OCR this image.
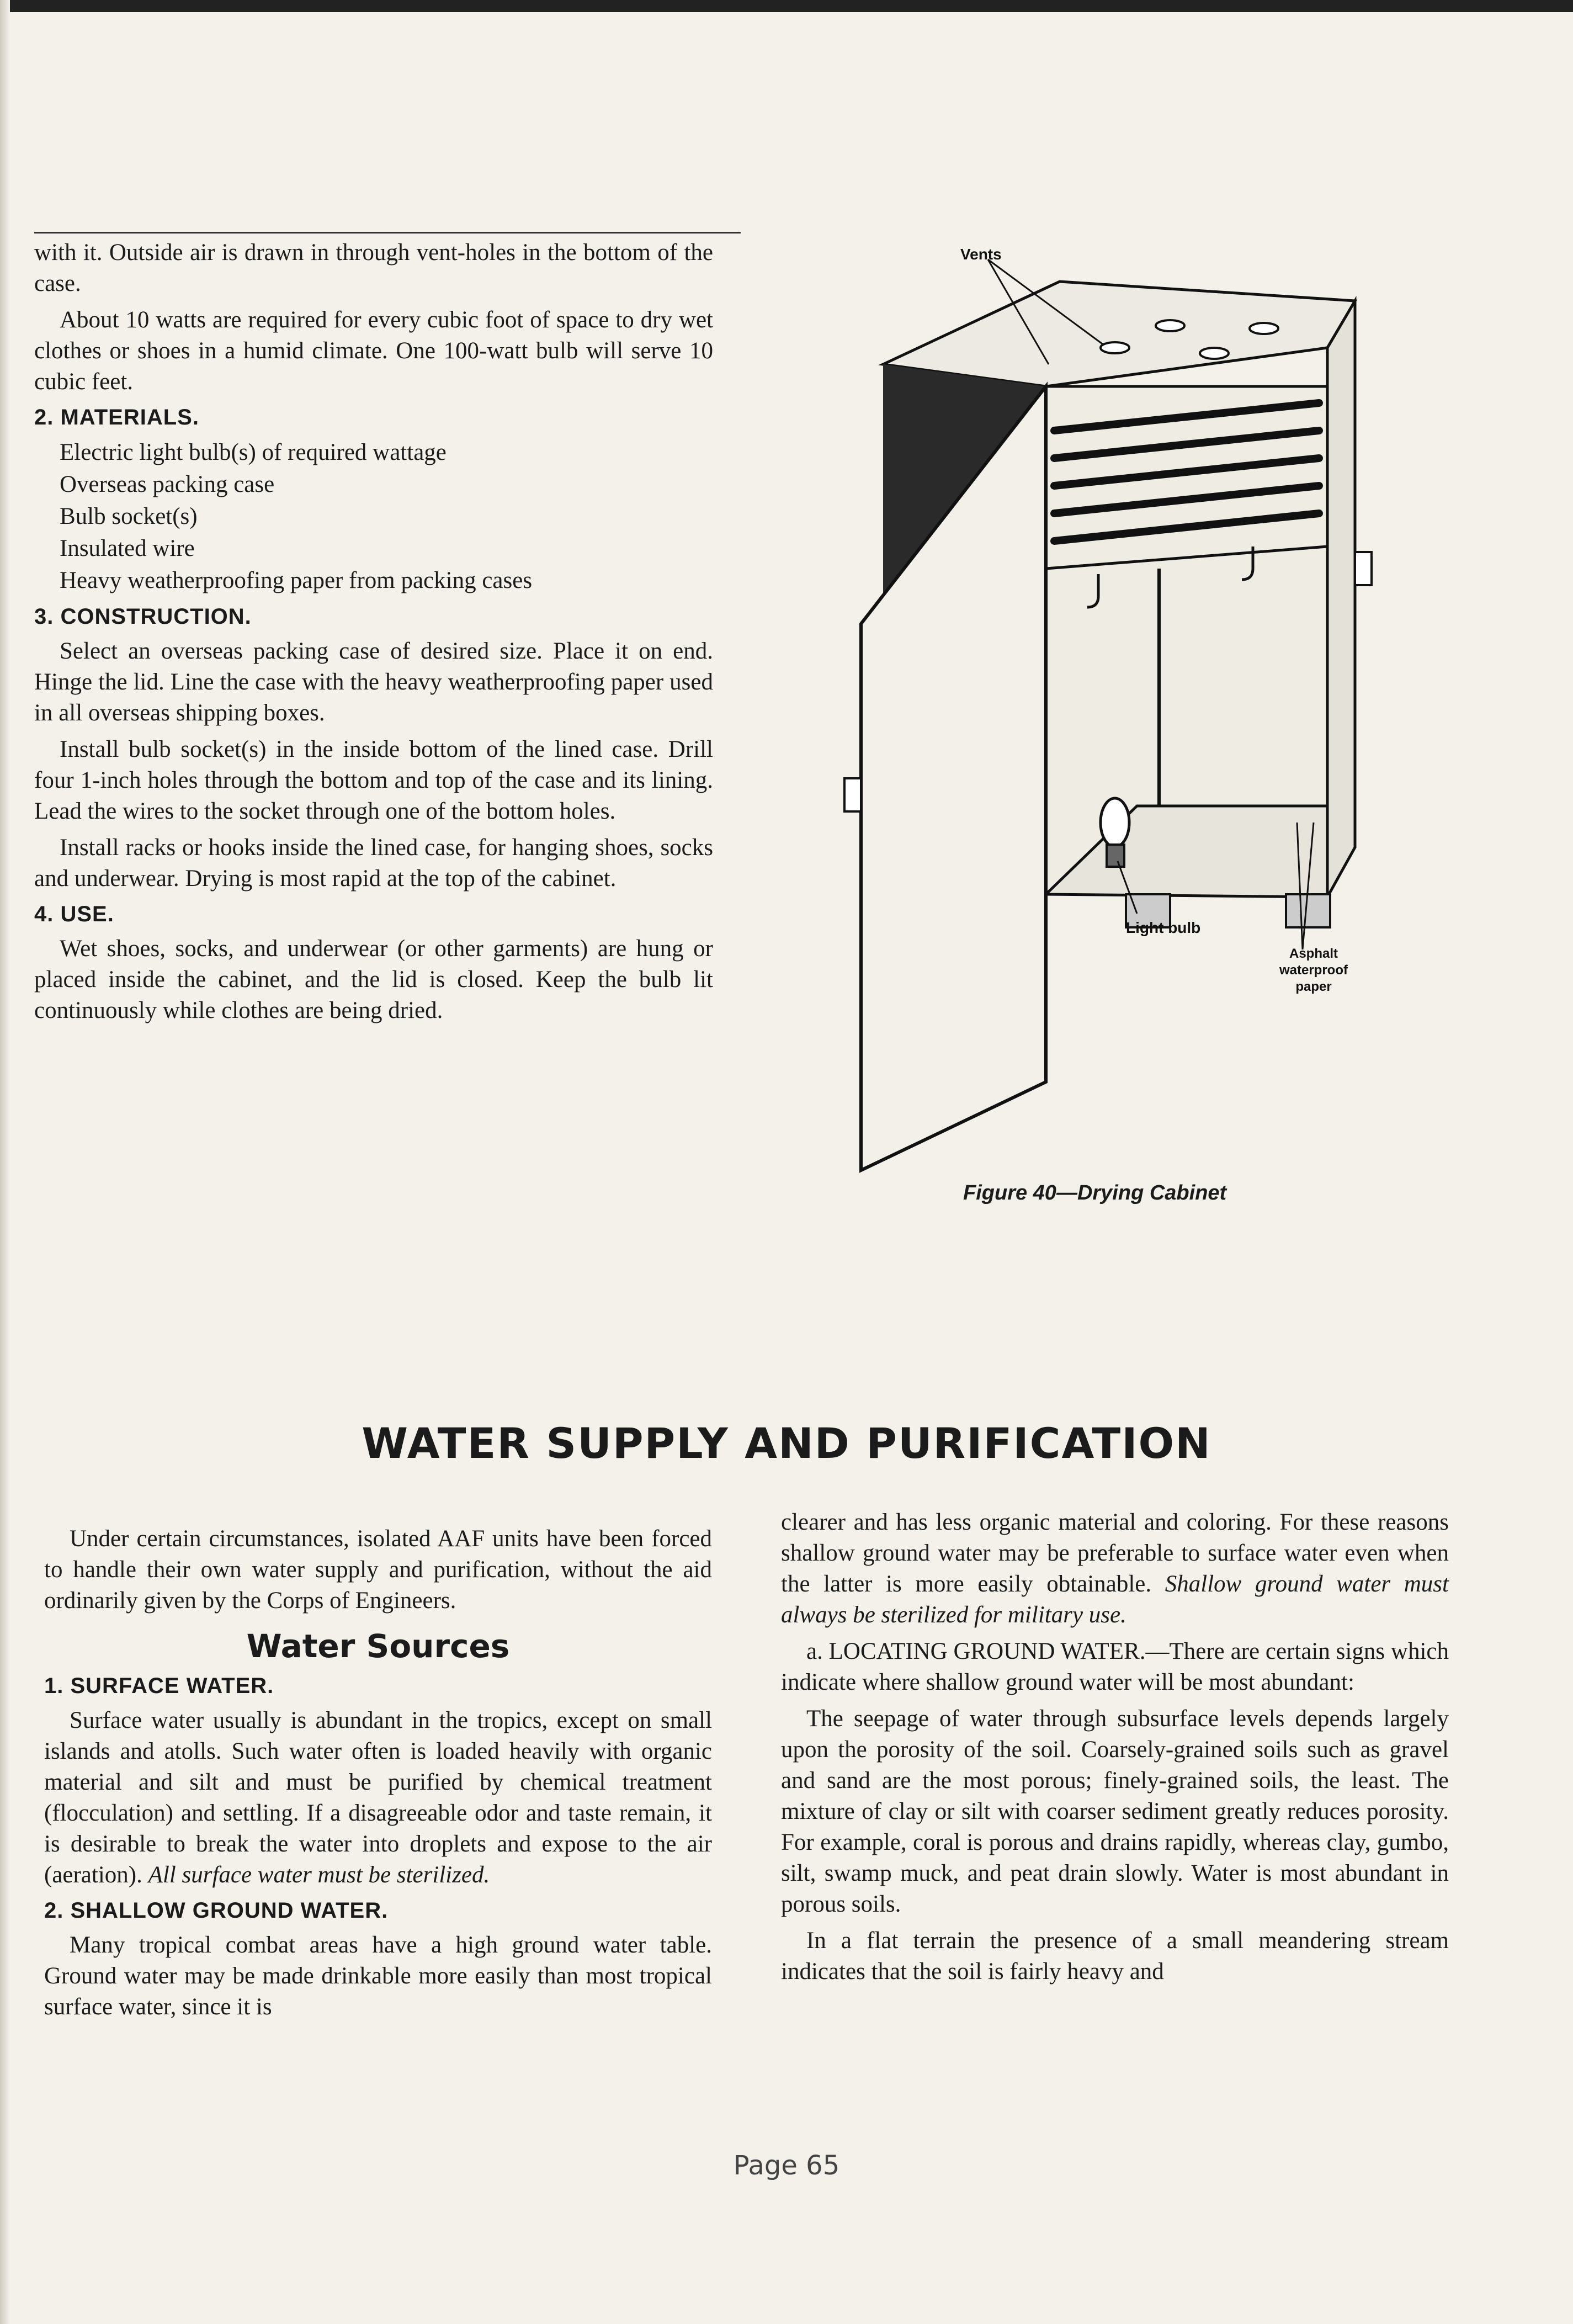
with it. Outside air is drawn in through vent-holes in the bottom of the case.

About 10 watts are required for every cubic foot of space to dry wet clothes or shoes in a humid climate. One 100-watt bulb will serve 10 cubic feet.

2. MATERIALS.
Electric light bulb(s) of required wattage
Overseas packing case
Bulb socket(s)
Insulated wire
Heavy weatherproofing paper from packing cases
3. CONSTRUCTION.

Select an overseas packing case of desired size. Place it on end. Hinge the lid. Line the case with the heavy weatherproofing paper used in all overseas shipping boxes.

Install bulb socket(s) in the inside bottom of the lined case. Drill four 1-inch holes through the bottom and top of the case and its lining. Lead the wires to the socket through one of the bottom holes.

Install racks or hooks inside the lined case, for hanging shoes, socks and underwear. Drying is most rapid at the top of the cabinet.

4. USE.

Wet shoes, socks, and underwear (or other garments) are hung or placed inside the cabinet, and the lid is closed. Keep the bulb lit continuously while clothes are being dried.

Vents
Light bulb
Asphalt
waterproof
paper
Figure 40—Drying Cabinet
WATER SUPPLY AND PURIFICATION

Under certain circumstances, isolated AAF units have been forced to handle their own water supply and purification, without the aid ordinarily given by the Corps of Engineers.

Water Sources
1. SURFACE WATER.

Surface water usually is abundant in the tropics, except on small islands and atolls. Such water often is loaded heavily with organic material and silt and must be purified by chemical treatment (flocculation) and settling. If a disagreeable odor and taste remain, it is desirable to break the water into droplets and expose to the air (aeration). All surface water must be sterilized.

2. SHALLOW GROUND WATER.

Many tropical combat areas have a high ground water table. Ground water may be made drinkable more easily than most tropical surface water, since it is

clearer and has less organic material and coloring. For these reasons shallow ground water may be preferable to surface water even when the latter is more easily obtainable. Shallow ground water must always be sterilized for military use.

a. LOCATING GROUND WATER.—There are certain signs which indicate where shallow ground water will be most abundant:

The seepage of water through subsurface levels depends largely upon the porosity of the soil. Coarsely-grained soils such as gravel and sand are the most porous; finely-grained soils, the least. The mixture of clay or silt with coarser sediment greatly reduces porosity. For example, coral is porous and drains rapidly, whereas clay, gumbo, silt, swamp muck, and peat drain slowly. Water is most abundant in porous soils.

In a flat terrain the presence of a small meandering stream indicates that the soil is fairly heavy and

Page 65
